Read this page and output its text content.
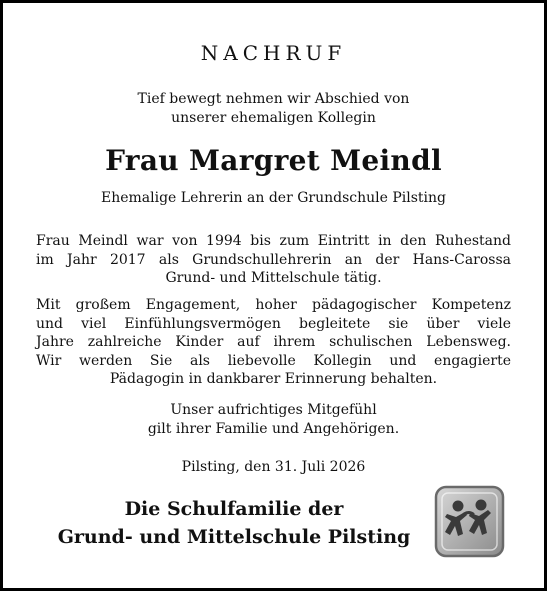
NACHRUF
Tief bewegt nehmen wir Abschied von
unserer ehemaligen Kollegin
Frau Margret Meindl
Ehemalige Lehrerin an der Grundschule Pilsting
Frau Meindl war von 1994 bis zum Eintritt in den Ruhestand
im Jahr 2017 als Grundschullehrerin an der Hans-Carossa
Grund- und Mittelschule tätig.
Mit großem Engagement, hoher pädagogischer Kompetenz
und viel Einfühlungsvermögen begleitete sie über viele
Jahre zahlreiche Kinder auf ihrem schulischen Lebensweg.
Wir werden Sie als liebevolle Kollegin und engagierte
Pädagogin in dankbarer Erinnerung behalten.
Unser aufrichtiges Mitgefühl
gilt ihrer Familie und Angehörigen.
Pilsting, den 31. Juli 2026
Die Schulfamilie der
Grund- und Mittelschule Pilsting
